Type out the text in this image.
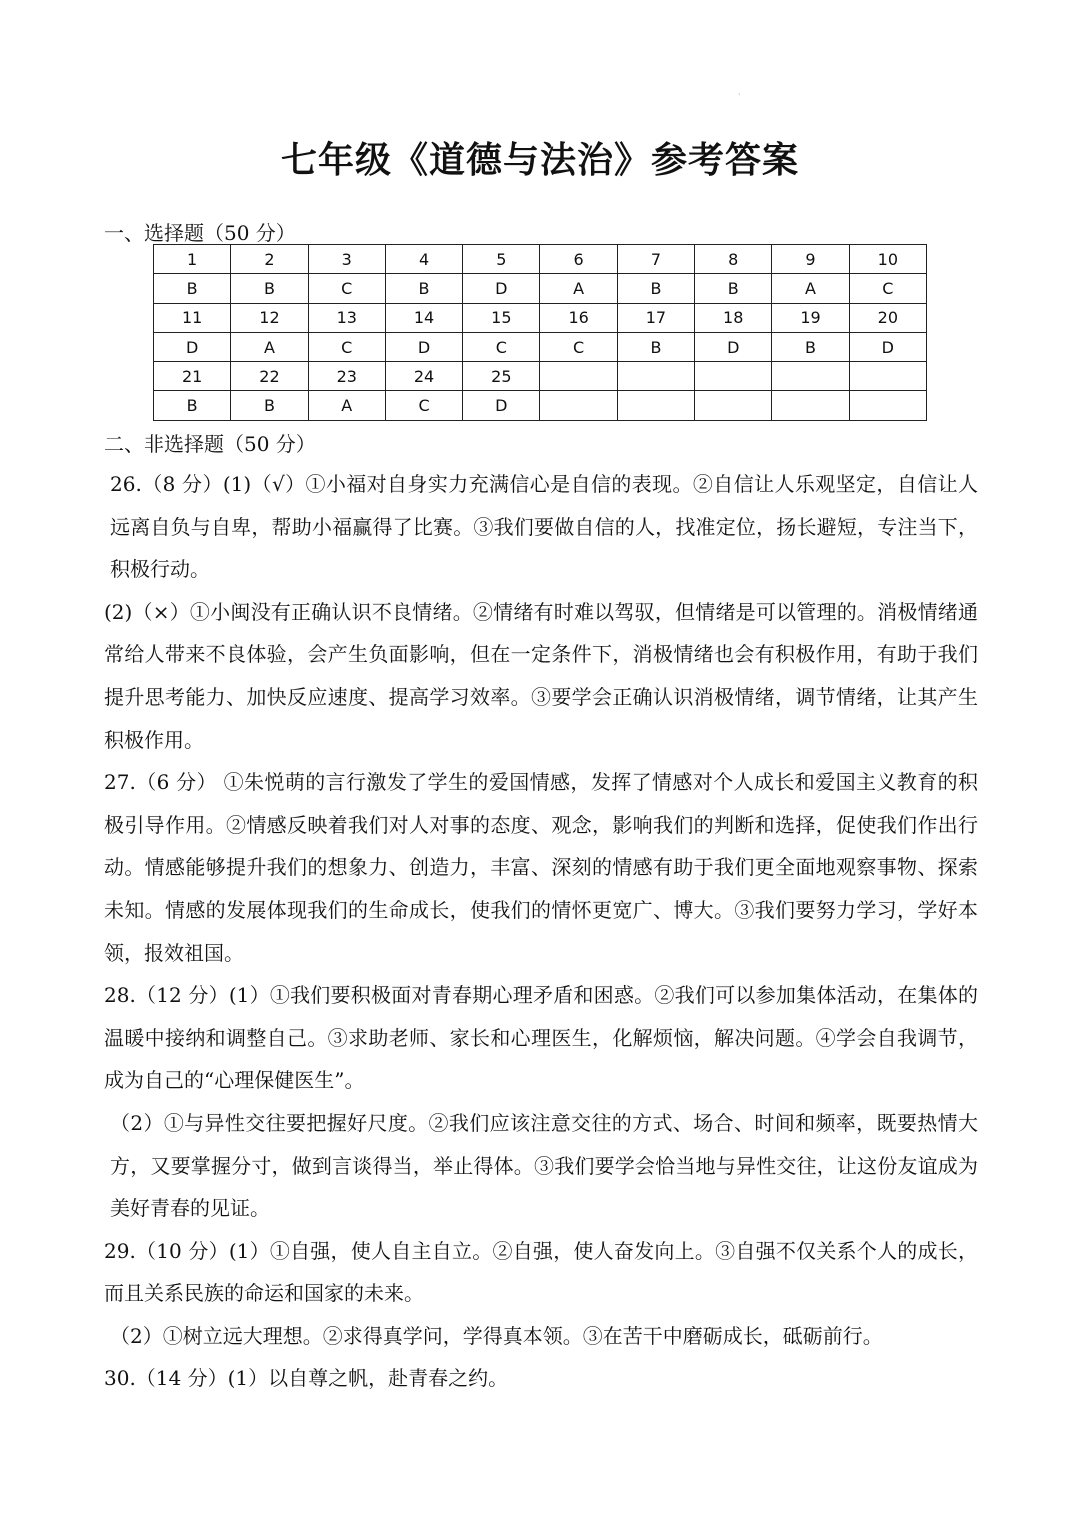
·
七年级《道德与法治》参考答案
一、选择题（50 分）
1	2	3	4	5	6	7	8	9	10
B	B	C	B	D	A	B	B	A	C
11	12	13	14	15	16	17	18	19	20
D	A	C	D	C	C	B	D	B	D
21	22	23	24	25					
B	B	A	C	D					
二、非选择题（50 分）

26.（8 分）(1)（√）①小福对自身实力充满信心是自信的表现。②自信让人乐观坚定，自信让人远离自负与自卑，帮助小福赢得了比赛。③我们要做自信的人，找准定位，扬长避短，专注当下，积极行动。

(2)（×）①小闽没有正确认识不良情绪。②情绪有时难以驾驭，但情绪是可以管理的。消极情绪通常给人带来不良体验，会产生负面影响，但在一定条件下，消极情绪也会有积极作用，有助于我们提升思考能力、加快反应速度、提高学习效率。③要学会正确认识消极情绪，调节情绪，让其产生积极作用。

27.（6 分） ①朱悦萌的言行激发了学生的爱国情感，发挥了情感对个人成长和爱国主义教育的积极引导作用。②情感反映着我们对人对事的态度、观念，影响我们的判断和选择，促使我们作出行动。情感能够提升我们的想象力、创造力，丰富、深刻的情感有助于我们更全面地观察事物、探索未知。情感的发展体现我们的生命成长，使我们的情怀更宽广、博大。③我们要努力学习，学好本领，报效祖国。

28.（12 分）(1）①我们要积极面对青春期心理矛盾和困惑。②我们可以参加集体活动，在集体的温暖中接纳和调整自己。③求助老师、家长和心理医生，化解烦恼，解决问题。④学会自我调节，成为自己的“心理保健医生”。

（2）①与异性交往要把握好尺度。②我们应该注意交往的方式、场合、时间和频率，既要热情大方，又要掌握分寸，做到言谈得当，举止得体。③我们要学会恰当地与异性交往，让这份友谊成为美好青春的见证。

29.（10 分）(1）①自强，使人自主自立。②自强，使人奋发向上。③自强不仅关系个人的成长，而且关系民族的命运和国家的未来。

（2）①树立远大理想。②求得真学问，学得真本领。③在苦干中磨砺成长，砥砺前行。

30.（14 分）(1）以自尊之帆，赴青春之约。
